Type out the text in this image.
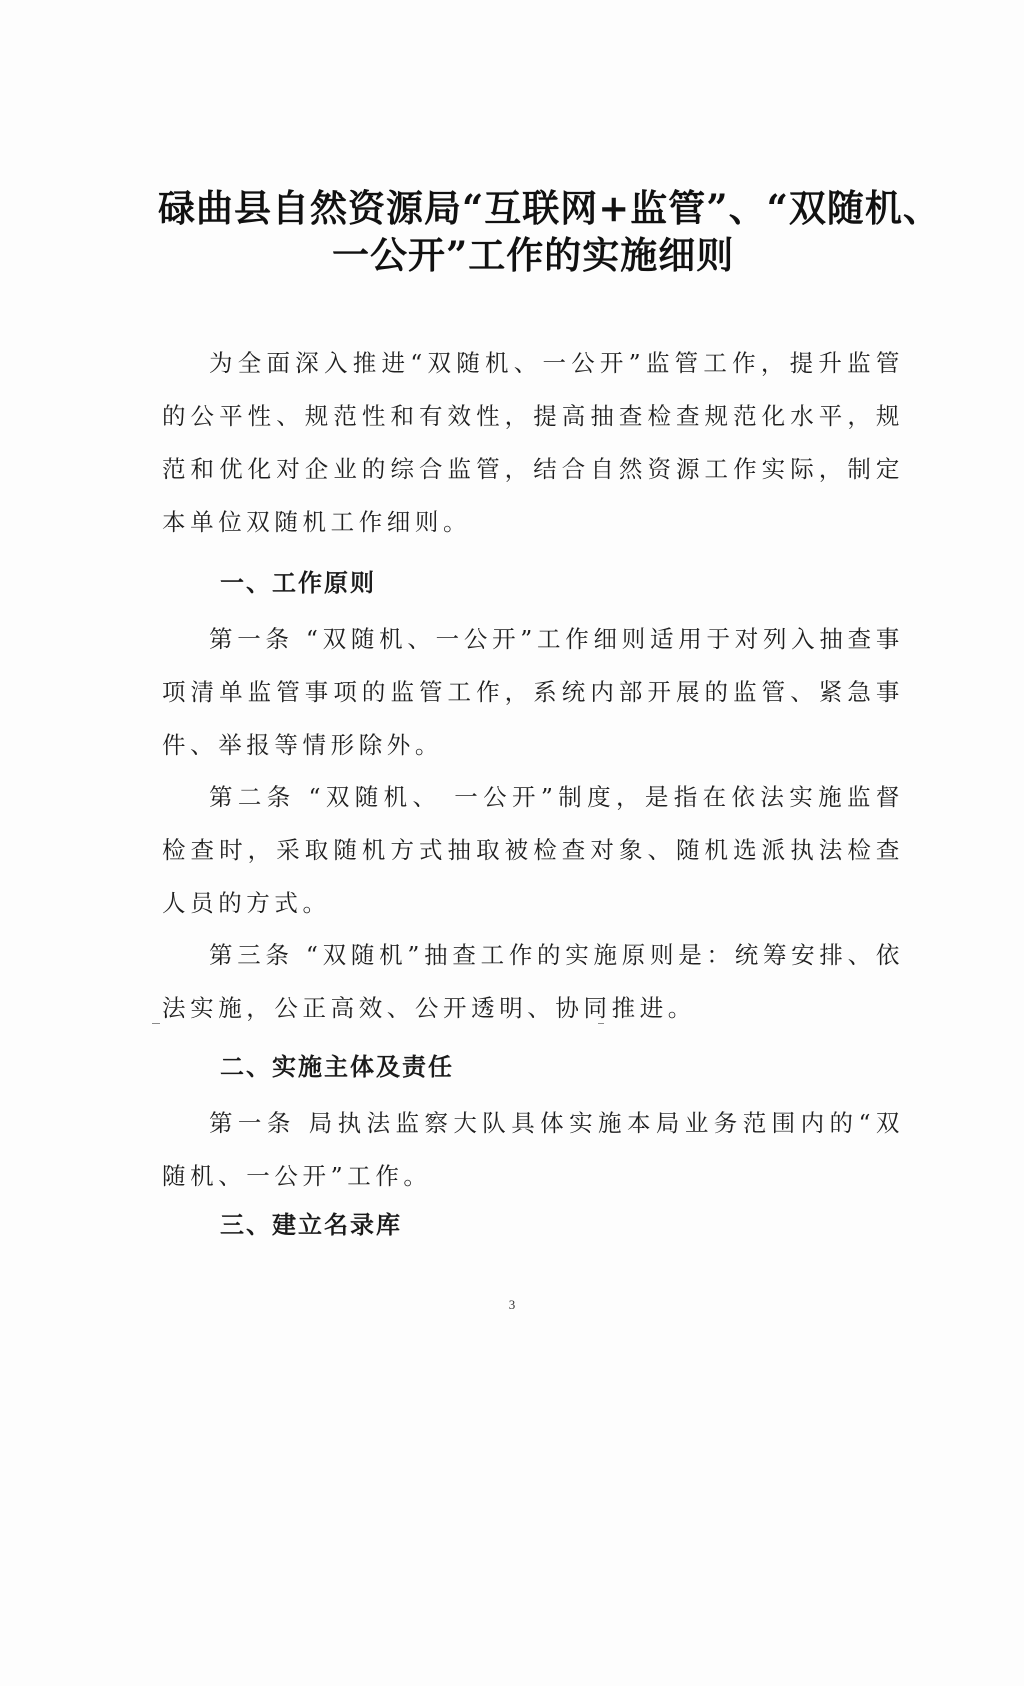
碌曲县自然资源局“互联网+监管”、“双随机、
一公开”工作的实施细则
为全面深入推进“双随机、一公开”监管工作，提升监管的公平性、规范性和有效性，提高抽查检查规范化水平，规范和优化对企业的综合监管，结合自然资源工作实际，制定本单位双随机工作细则。
一、工作原则
第一条 “双随机、一公开”工作细则适用于对列入抽查事项清单监管事项的监管工作，系统内部开展的监管、紧急事件、举报等情形除外。
第二条 “双随机、 一公开”制度，是指在依法实施监督检查时，采取随机方式抽取被检查对象、随机选派执法检查人员的方式。
第三条 “双随机”抽查工作的实施原则是：统筹安排、依法实施，公正高效、公开透明、协同推进。
二、实施主体及责任
第一条 局执法监察大队具体实施本局业务范围内的“双随机、一公开”工作。
三、建立名录库
3
